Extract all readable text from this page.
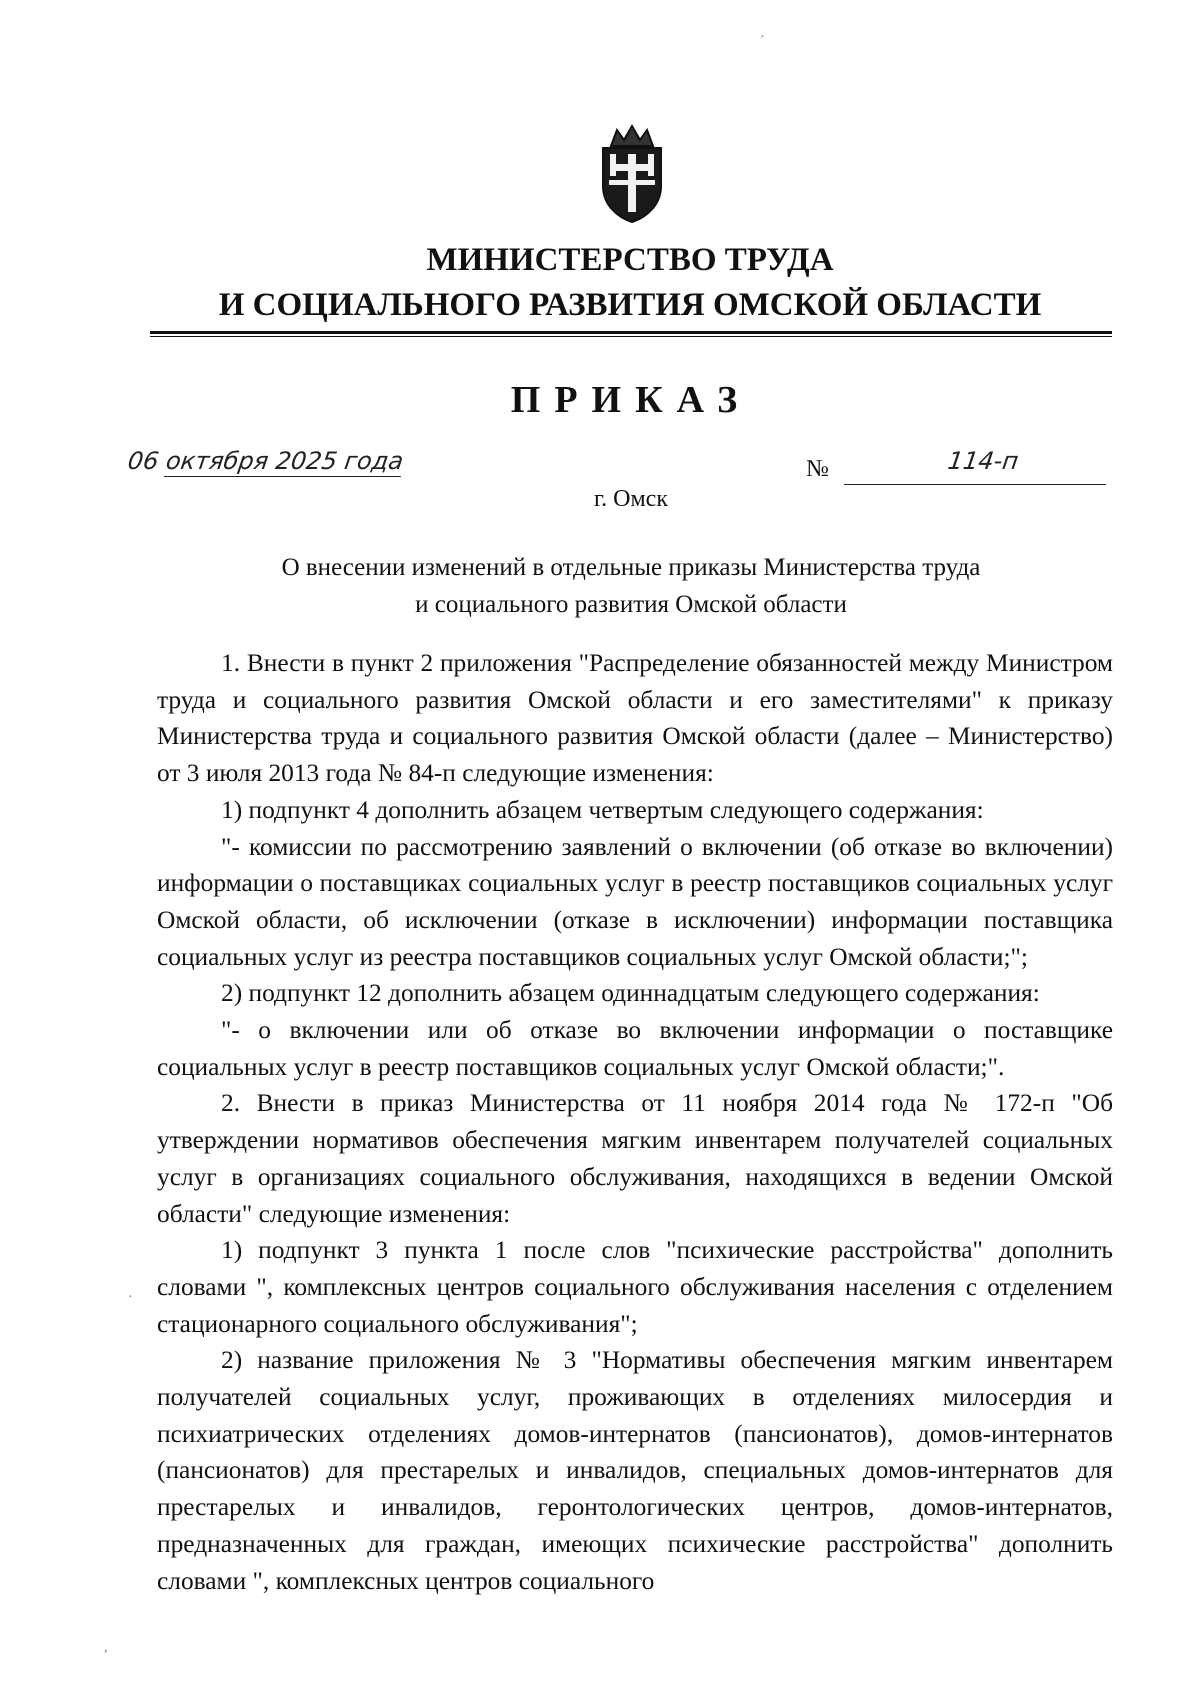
МИНИСТЕРСТВО ТРУДА
И СОЦИАЛЬНОГО РАЗВИТИЯ ОМСКОЙ ОБЛАСТИ
ПРИКАЗ
06 октября 2025 года	№	114-п
г. Омск
О внесении изменений в отдельные приказы Министерства труда
и социального развития Омской области

1. Внести в пункт 2 приложения "Распределение обязанностей между Министром труда и социального развития Омской области и его заместителями" к приказу Министерства труда и социального развития Омской области (далее – Министерство) от 3 июля 2013 года № 84-п следующие изменения:

1) подпункт 4 дополнить абзацем четвертым следующего содержания:

"- комиссии по рассмотрению заявлений о включении (об отказе во включении) информации о поставщиках социальных услуг в реестр поставщиков социальных услуг Омской области, об исключении (отказе в исключении) информации поставщика социальных услуг из реестра поставщиков социальных услуг Омской области;";

2) подпункт 12 дополнить абзацем одиннадцатым следующего содержания:

"- о включении или об отказе во включении информации о поставщике социальных услуг в реестр поставщиков социальных услуг Омской области;".

2. Внести в приказ Министерства от 11 ноября 2014 года № 172-п "Об утверждении нормативов обеспечения мягким инвентарем получателей социальных услуг в организациях социального обслуживания, находящихся в ведении Омской области" следующие изменения:

1) подпункт 3 пункта 1 после слов "психические расстройства" дополнить словами ", комплексных центров социального обслуживания населения с отделением стационарного социального обслуживания";

2) название приложения № 3 "Нормативы обеспечения мягким инвентарем получателей социальных услуг, проживающих в отделениях милосердия и психиатрических отделениях домов-интернатов (пансионатов), домов-интернатов (пансионатов) для престарелых и инвалидов, специальных домов-интернатов для престарелых и инвалидов, геронтологических центров, домов-интернатов, предназначенных для граждан, имеющих психические расстройства" дополнить словами ", комплексных центров социального

´
·
,
